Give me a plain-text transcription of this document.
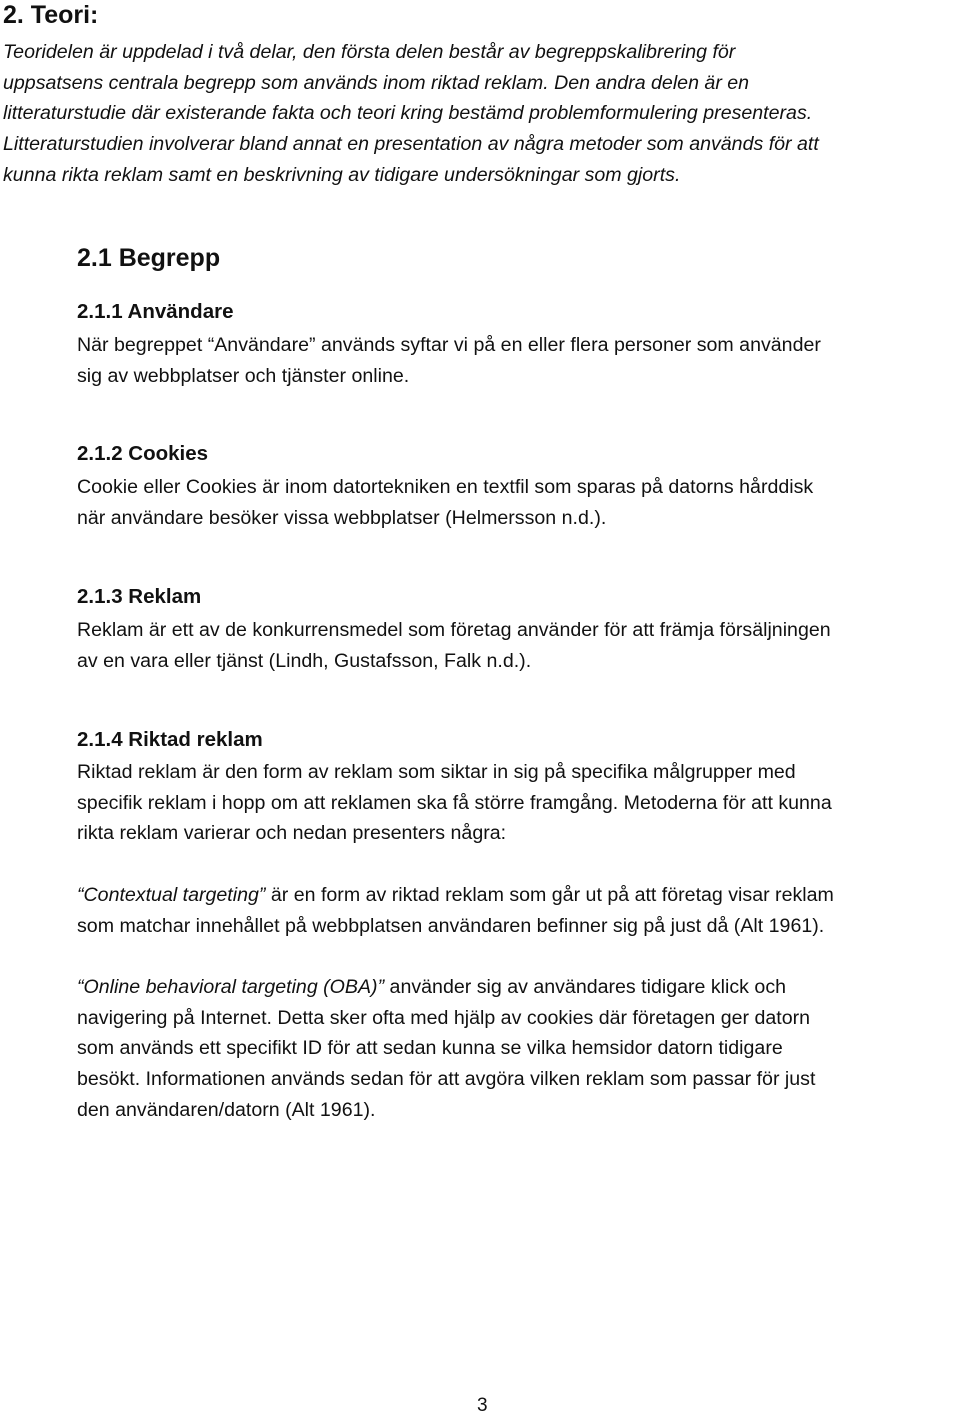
2. Teori:

Teoridelen är uppdelad i två delar, den första delen består av begreppskalibrering för
uppsatsens centrala begrepp som används inom riktad reklam. Den andra delen är en
litteraturstudie där existerande fakta och teori kring bestämd problemformulering presenteras.
Litteraturstudien involverar bland annat en presentation av några metoder som används för att
kunna rikta reklam samt en beskrivning av tidigare undersökningar som gjorts.

2.1 Begrepp
2.1.1 Användare

När begreppet “Användare” används syftar vi på en eller flera personer som använder
sig av webbplatser och tjänster online.

2.1.2 Cookies

Cookie eller Cookies är inom datortekniken en textfil som sparas på datorns hårddisk
när användare besöker vissa webbplatser (Helmersson n.d.).

2.1.3 Reklam

Reklam är ett av de konkurrensmedel som företag använder för att främja försäljningen
av en vara eller tjänst (Lindh, Gustafsson, Falk n.d.).

2.1.4 Riktad reklam

Riktad reklam är den form av reklam som siktar in sig på specifika målgrupper med
specifik reklam i hopp om att reklamen ska få större framgång. Metoderna för att kunna
rikta reklam varierar och nedan presenters några:

“Contextual targeting” är en form av riktad reklam som går ut på att företag visar reklam
som matchar innehållet på webbplatsen användaren befinner sig på just då (Alt 1961).

“Online behavioral targeting (OBA)” använder sig av användares tidigare klick och
navigering på Internet. Detta sker ofta med hjälp av cookies där företagen ger datorn
som används ett specifikt ID för att sedan kunna se vilka hemsidor datorn tidigare
besökt. Informationen används sedan för att avgöra vilken reklam som passar för just
den användaren/datorn (Alt 1961).

3
